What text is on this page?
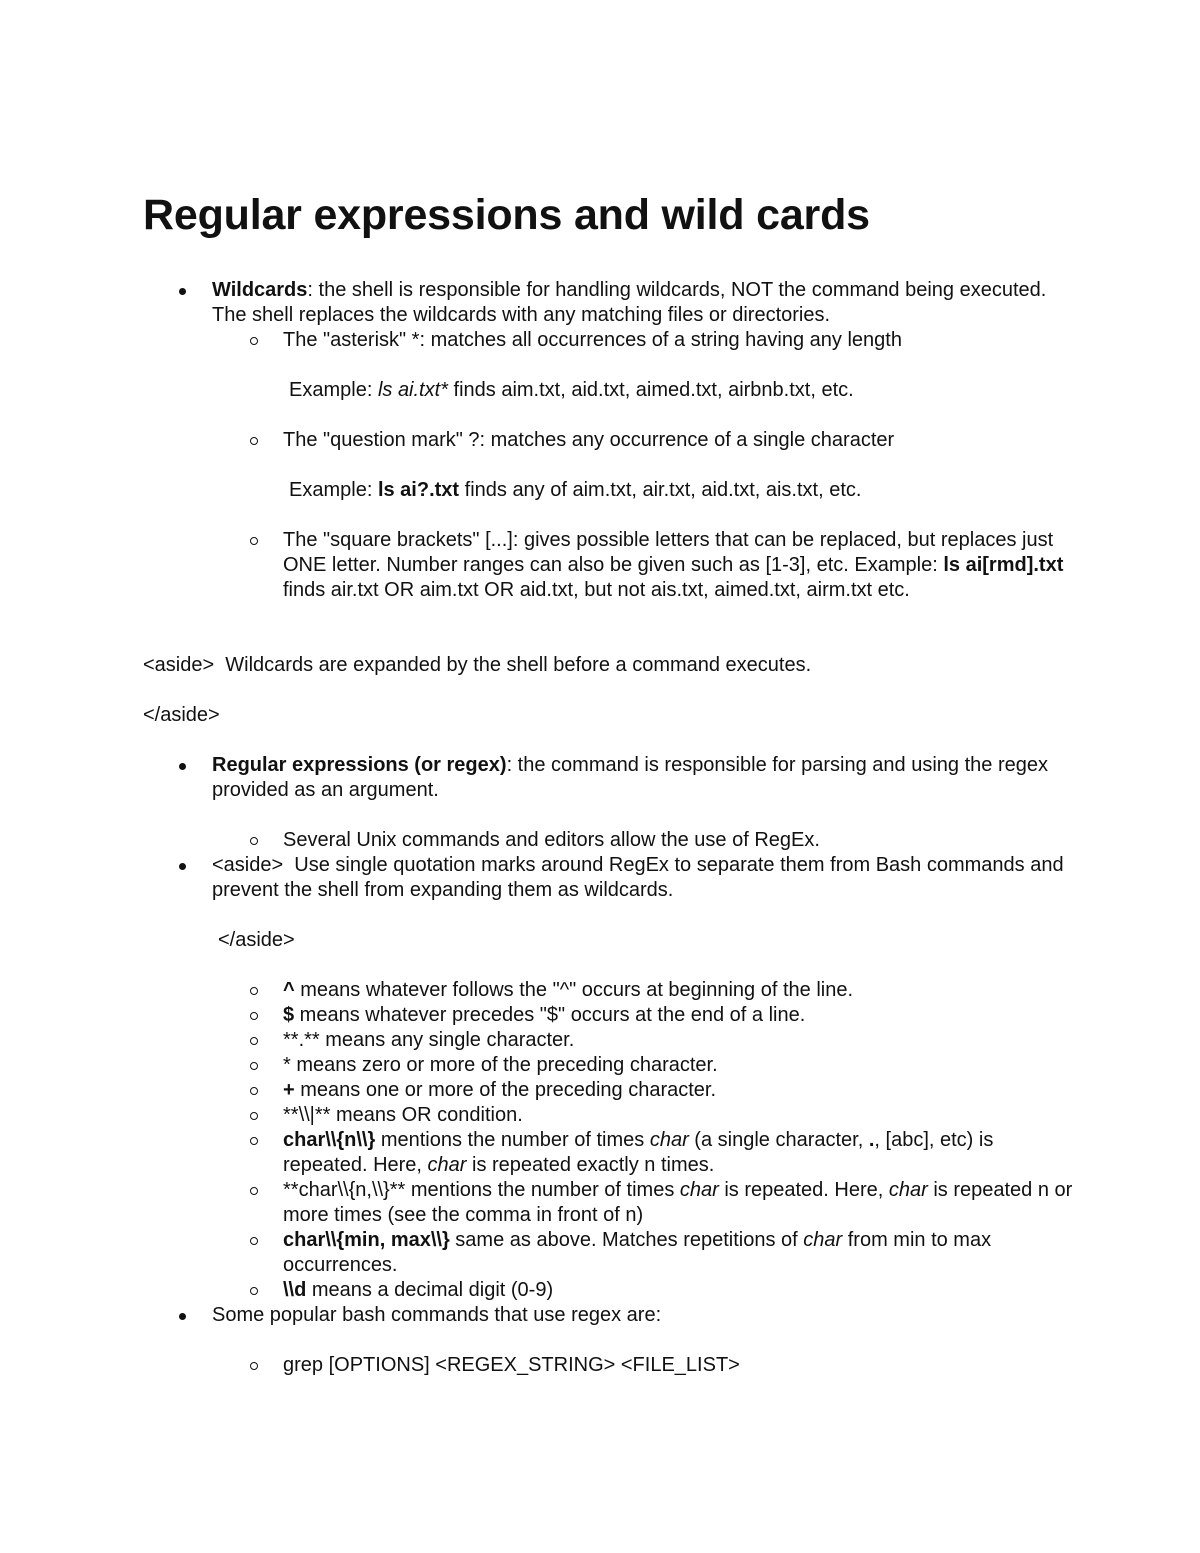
Regular expressions and wild cards
Wildcards: the shell is responsible for handling wildcards, NOT the command being executed. The shell replaces the wildcards with any matching files or directories.
The "asterisk" *: matches all occurrences of a string having any length
Example: ls ai.txt* finds aim.txt, aid.txt, aimed.txt, airbnb.txt, etc.
The "question mark" ?: matches any occurrence of a single character
Example: ls ai?.txt finds any of aim.txt, air.txt, aid.txt, ais.txt, etc.
The "square brackets" [...]: gives possible letters that can be replaced, but replaces just ONE letter. Number ranges can also be given such as [1-3], etc. Example: ls ai[rmd].txt finds air.txt OR aim.txt OR aid.txt, but not ais.txt, aimed.txt, airm.txt etc.

<aside>  Wildcards are expanded by the shell before a command executes.

</aside>

Regular expressions (or regex): the command is responsible for parsing and using the regex provided as an argument.
Several Unix commands and editors allow the use of RegEx.
<aside>  Use single quotation marks around RegEx to separate them from Bash commands and prevent the shell from expanding them as wildcards.
</aside>
^ means whatever follows the "^" occurs at beginning of the line.
$ means whatever precedes "$" occurs at the end of a line.
**.** means any single character.
* means zero or more of the preceding character.
+ means one or more of the preceding character.
**\\|** means OR condition.
char\\{n\\} mentions the number of times char (a single character, ., [abc], etc) is repeated. Here, char is repeated exactly n times.
**char\\{n,\\}** mentions the number of times char is repeated. Here, char is repeated n or more times (see the comma in front of n)
char\\{min, max\\} same as above. Matches repetitions of char from min to max occurrences.
\\d means a decimal digit (0-9)
Some popular bash commands that use regex are:
grep [OPTIONS] <REGEX_STRING> <FILE_LIST>
